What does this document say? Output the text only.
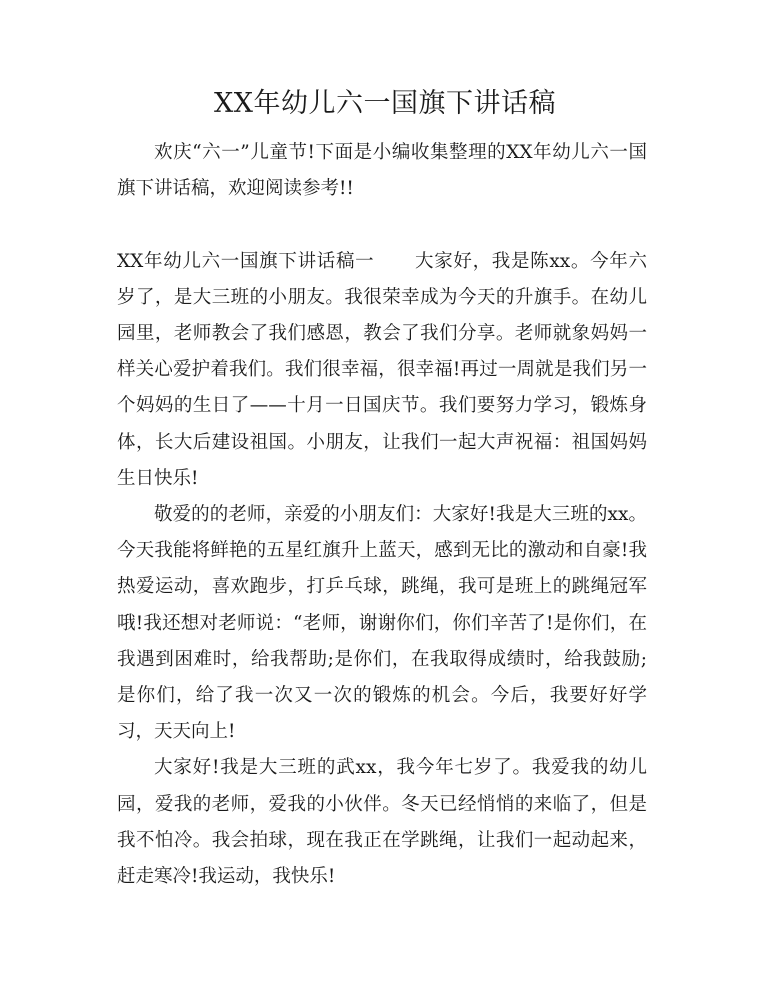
XX年幼儿六一国旗下讲话稿

欢庆“六一”儿童节!下面是小编收集整理的XX年幼儿六一国旗下讲话稿，欢迎阅读参考!!

XX年幼儿六一国旗下讲话稿一 大家好，我是陈xx。今年六岁了，是大三班的小朋友。我很荣幸成为今天的升旗手。在幼儿园里，老师教会了我们感恩，教会了我们分享。老师就象妈妈一样关心爱护着我们。我们很幸福，很幸福!再过一周就是我们另一个妈妈的生日了——十月一日国庆节。我们要努力学习，锻炼身体，长大后建设祖国。小朋友，让我们一起大声祝福：祖国妈妈 生日快乐!

敬爱的的老师，亲爱的小朋友们：大家好!我是大三班的xx。今天我能将鲜艳的五星红旗升上蓝天，感到无比的激动和自豪!我热爱运动，喜欢跑步，打乒乓球，跳绳，我可是班上的跳绳冠军哦!我还想对老师说：“老师，谢谢你们，你们辛苦了!是你们，在我遇到困难时，给我帮助;是你们，在我取得成绩时，给我鼓励;是你们，给了我一次又一次的锻炼的机会。今后，我要好好学习，天天向上!

大家好!我是大三班的武xx，我今年七岁了。我爱我的幼儿园，爱我的老师，爱我的小伙伴。冬天已经悄悄的来临了，但是我不怕冷。我会拍球，现在我正在学跳绳，让我们一起动起来，赶走寒冷!我运动，我快乐!
